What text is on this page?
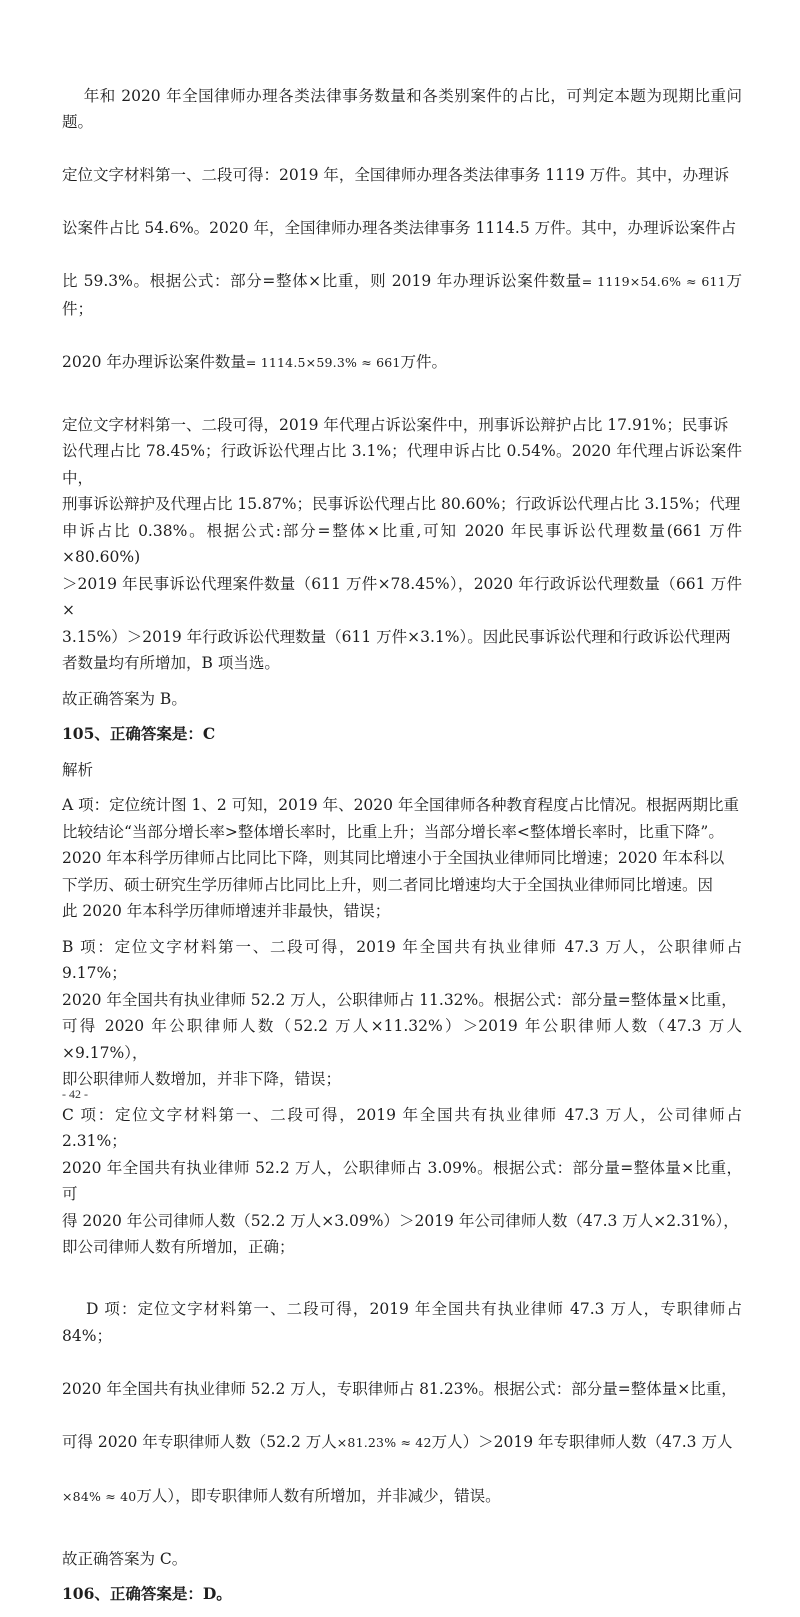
年和 2020 年全国律师办理各类法律事务数量和各类别案件的占比，可判定本题为现期比重问题。

定位文字材料第一、二段可得：2019 年，全国律师办理各类法律事务 1119 万件。其中，办理诉

讼案件占比 54.6%。2020 年，全国律师办理各类法律事务 1114.5 万件。其中，办理诉讼案件占

比 59.3%。根据公式：部分=整体×比重，则 2019 年办理诉讼案件数量= 1119×54.6% ≈ 611万件；

2020 年办理诉讼案件数量= 1114.5×59.3% ≈ 661万件。

定位文字材料第一、二段可得，2019 年代理占诉讼案件中，刑事诉讼辩护占比 17.91%；民事诉
讼代理占比 78.45%；行政诉讼代理占比 3.1%；代理申诉占比 0.54%。2020 年代理占诉讼案件中，
刑事诉讼辩护及代理占比 15.87%；民事诉讼代理占比 80.60%；行政诉讼代理占比 3.15%；代理
申诉占比 0.38%。根据公式:部分=整体×比重,可知 2020 年民事诉讼代理数量(661 万件×80.60%)
＞2019 年民事诉讼代理案件数量（611 万件×78.45%），2020 年行政诉讼代理数量（661 万件×
3.15%）＞2019 年行政诉讼代理数量（611 万件×3.1%）。因此民事诉讼代理和行政诉讼代理两
者数量均有所增加，B 项当选。
故正确答案为 B。
105、正确答案是：C
解析
A 项：定位统计图 1、2 可知，2019 年、2020 年全国律师各种教育程度占比情况。根据两期比重
比较结论“当部分增长率>整体增长率时，比重上升；当部分增长率<整体增长率时，比重下降”。
2020 年本科学历律师占比同比下降，则其同比增速小于全国执业律师同比增速；2020 年本科以
下学历、硕士研究生学历律师占比同比上升，则二者同比增速均大于全国执业律师同比增速。因
此 2020 年本科学历律师增速并非最快，错误；
B 项：定位文字材料第一、二段可得，2019 年全国共有执业律师 47.3 万人，公职律师占 9.17%；
2020 年全国共有执业律师 52.2 万人，公职律师占 11.32%。根据公式：部分量=整体量×比重，
可得 2020 年公职律师人数（52.2 万人×11.32%）＞2019 年公职律师人数（47.3 万人×9.17%），
即公职律师人数增加，并非下降，错误；
C 项：定位文字材料第一、二段可得，2019 年全国共有执业律师 47.3 万人，公司律师占 2.31%；
2020 年全国共有执业律师 52.2 万人，公职律师占 3.09%。根据公式：部分量=整体量×比重，可
得 2020 年公司律师人数（52.2 万人×3.09%）＞2019 年公司律师人数（47.3 万人×2.31%），
即公司律师人数有所增加，正确；

D 项：定位文字材料第一、二段可得，2019 年全国共有执业律师 47.3 万人，专职律师占 84%；

2020 年全国共有执业律师 52.2 万人，专职律师占 81.23%。根据公式：部分量=整体量×比重，

可得 2020 年专职律师人数（52.2 万人×81.23% ≈ 42万人）＞2019 年专职律师人数（47.3 万人

×84% ≈ 40万人），即专职律师人数有所增加，并非减少，错误。

故正确答案为 C。
106、正确答案是：D。
- 42 -
